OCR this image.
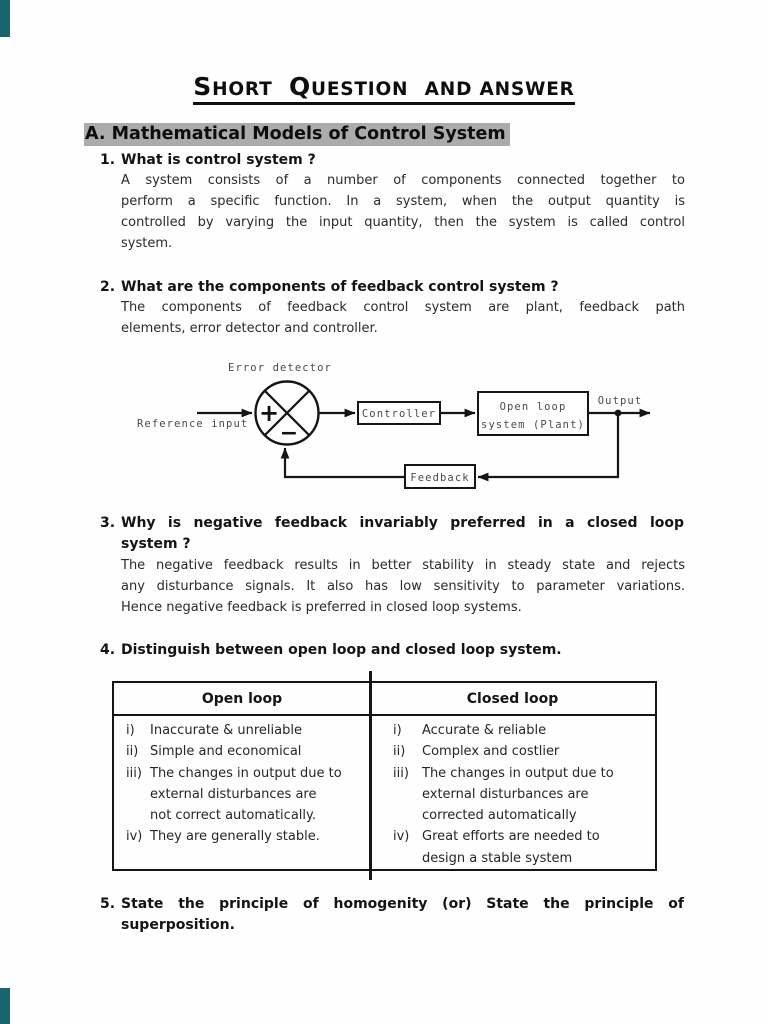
SHORT QUESTION AND ANSWER
A. Mathematical Models of Control System
1. What is control system ?
A system consists of a number of components connected together to
perform a specific function. In a system, when the output quantity is
controlled by varying the input quantity, then the system is called control
system.
2. What are the components of feedback control system ?
The components of feedback control system are plant, feedback path
elements, error detector and controller.
Error detector
Reference input +
−
Controller
Open loop
system (Plant)
Output
Feedback
3. Why is negative feedback invariably preferred in a closed loop
system ?
The negative feedback results in better stability in steady state and rejects
any disturbance signals. It also has low sensitivity to parameter variations.
Hence negative feedback is preferred in closed loop systems.
4. Distinguish between open loop and closed loop system.
Open loop	Closed loop
i)	Inaccurate & unreliable
ii) Simple and economical
iii) The changes in output due to
external disturbances are
not correct automatically.
iv) They are generally stable.
i)	Accurate & reliable
ii)	Complex and costlier
iii)	The changes in output due to
external disturbances are
corrected automatically
iv) Great efforts are needed to
design a stable system
5. State the principle of homogenity (or) State the principle of
superposition.
